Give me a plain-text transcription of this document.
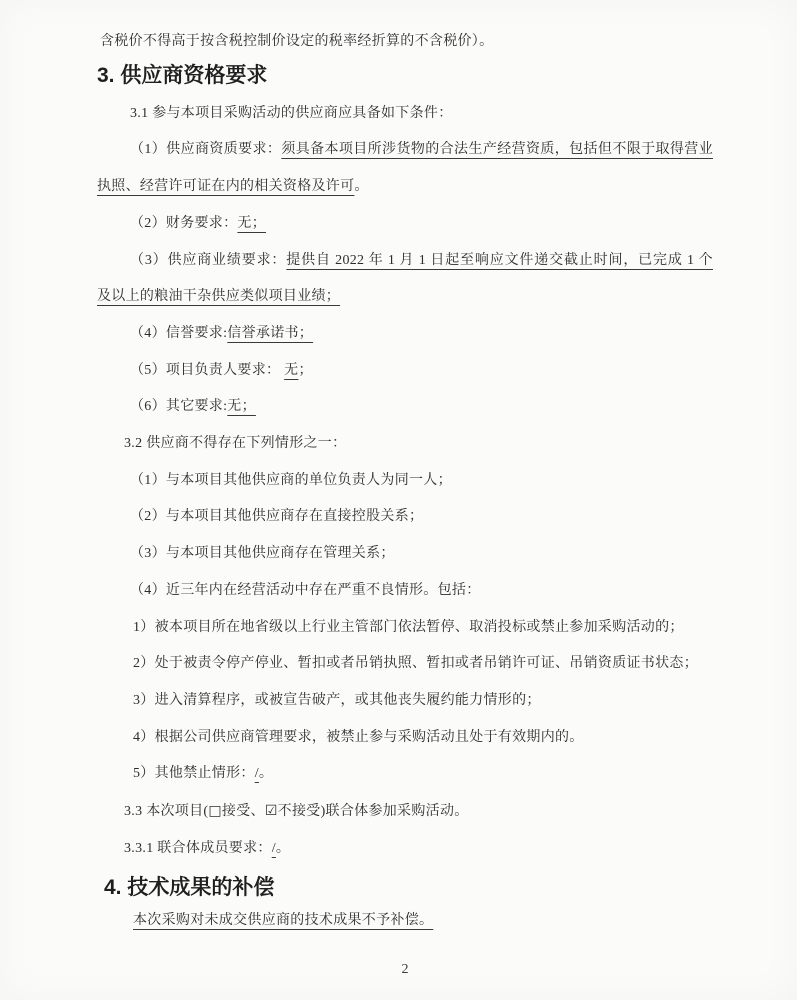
含税价不得高于按含税控制价设定的税率经折算的不含税价）。
3. 供应商资格要求
3.1 参与本项目采购活动的供应商应具备如下条件：
（1）供应商资质要求：须具备本项目所涉货物的合法生产经营资质，包括但不限于取得营业
执照、经营许可证在内的相关资格及许可。
（2）财务要求：无；
（3）供应商业绩要求：提供自 2022 年 1 月 1 日起至响应文件递交截止时间，已完成 1 个
及以上的粮油干杂供应类似项目业绩；
（4）信誉要求:信誉承诺书；
（5）项目负责人要求： 无；
（6）其它要求:无；
3.2 供应商不得存在下列情形之一：
（1）与本项目其他供应商的单位负责人为同一人；
（2）与本项目其他供应商存在直接控股关系；
（3）与本项目其他供应商存在管理关系；
（4）近三年内在经营活动中存在严重不良情形。包括：
1）被本项目所在地省级以上行业主管部门依法暂停、取消投标或禁止参加采购活动的；
2）处于被责令停产停业、暂扣或者吊销执照、暂扣或者吊销许可证、吊销资质证书状态；
3）进入清算程序，或被宣告破产，或其他丧失履约能力情形的；
4）根据公司供应商管理要求，被禁止参与采购活动且处于有效期内的。
5）其他禁止情形：/。
3.3 本次项目(□接受、☑不接受)联合体参加采购活动。
3.3.1 联合体成员要求：/。
4. 技术成果的补偿
本次采购对未成交供应商的技术成果不予补偿。
2
